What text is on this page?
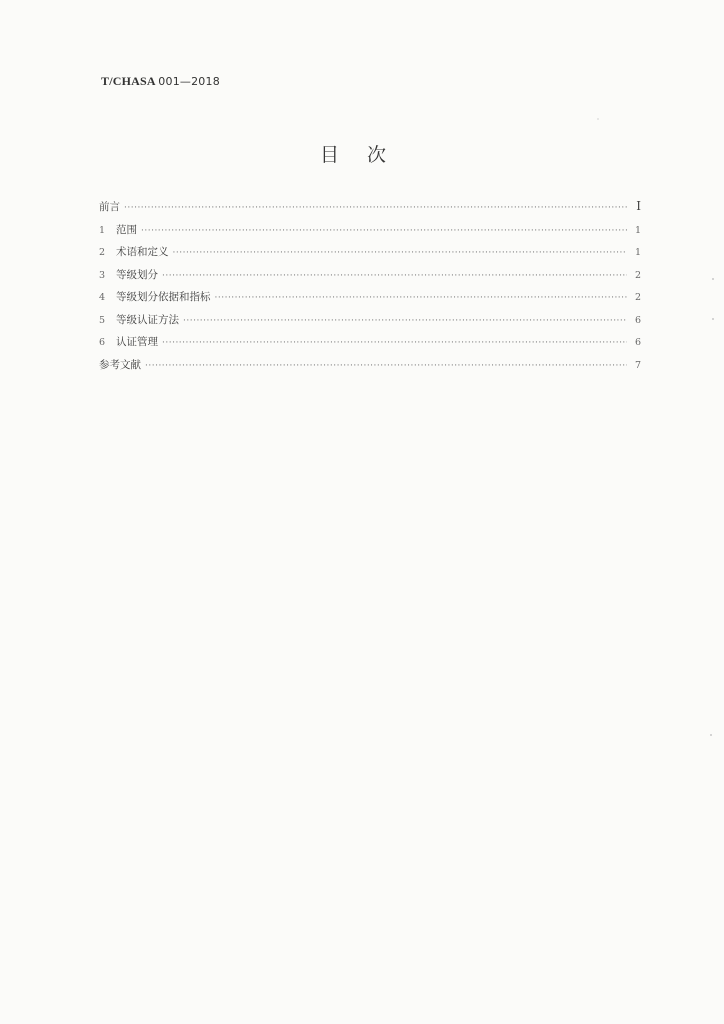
T/CHASA 001—2018
目次
前言 ·····	I
1	范围 ·····	1
2	术语和定义 ·····	1
3	等级划分 ·····	2
4	等级划分依据和指标 ·····	2
5	等级认证方法 ·····	6
6	认证管理 ·····	6
参考文献 ·····	7
